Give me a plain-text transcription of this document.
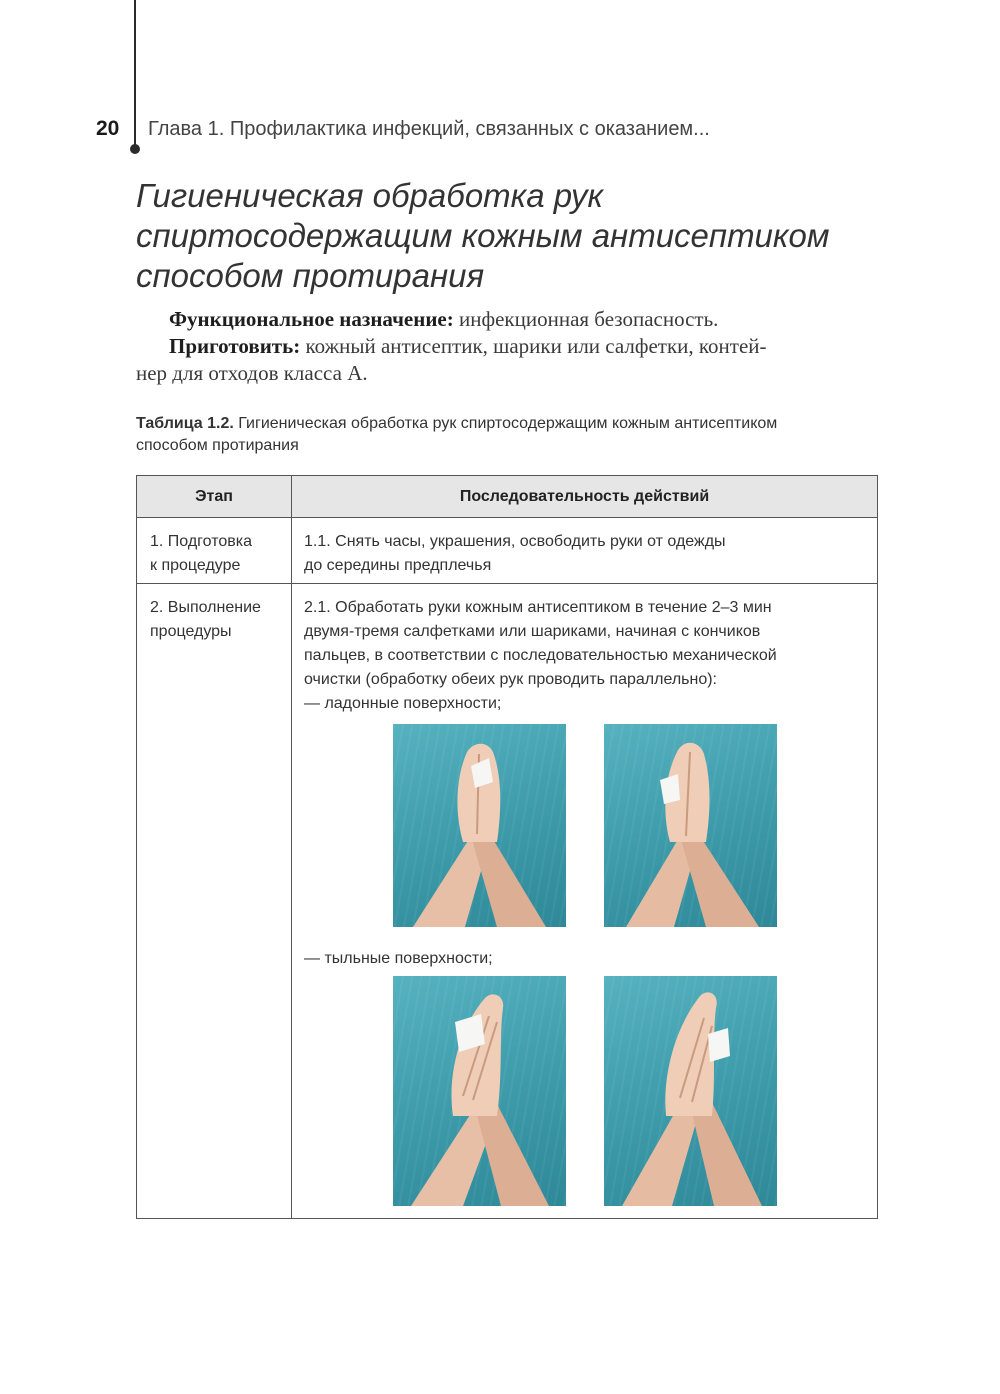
20 Глава 1. Профилактика инфекций, связанных с оказанием...
Гигиеническая обработка рук
спиртосодержащим кожным антисептиком
способом протирания
Функциональное назначение: инфекционная безопасность.
Приготовить: кожный антисептик, шарики или салфетки, контей-
нер для отходов класса А.
Таблица 1.2. Гигиеническая обработка рук спиртосодержащим кожным антисептиком
способом протирания
Этап	Последовательность действий
1. Подготовка
к процедуре
1.1. Снять часы, украшения, освободить руки от одежды
до середины предплечья
2. Выполнение
процедуры
2.1. Обработать руки кожным антисептиком в течение 2–3 мин
двумя-тремя салфетками или шариками, начиная с кончиков
пальцев, в соответствии с последовательностью механической
очистки (обработку обеих рук проводить параллельно):
— ладонные поверхности;
— тыльные поверхности;
